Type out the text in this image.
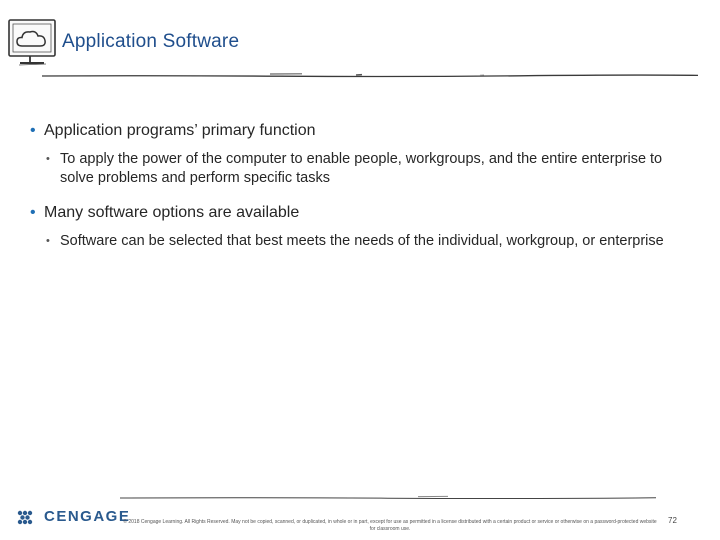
Application Software
• Application programs’ primary function
• To apply the power of the computer to enable people, workgroups, and the entire enterprise to solve problems and perform specific tasks
• Many software options are available
• Software can be selected that best meets the needs of the individual, workgroup, or enterprise
CENGAGE
© 2018 Cengage Learning. All Rights Reserved. May not be copied, scanned, or duplicated, in whole or in part, except for use as permitted in a license distributed with a certain product or service or otherwise on a password-protected website for classroom use.
72
